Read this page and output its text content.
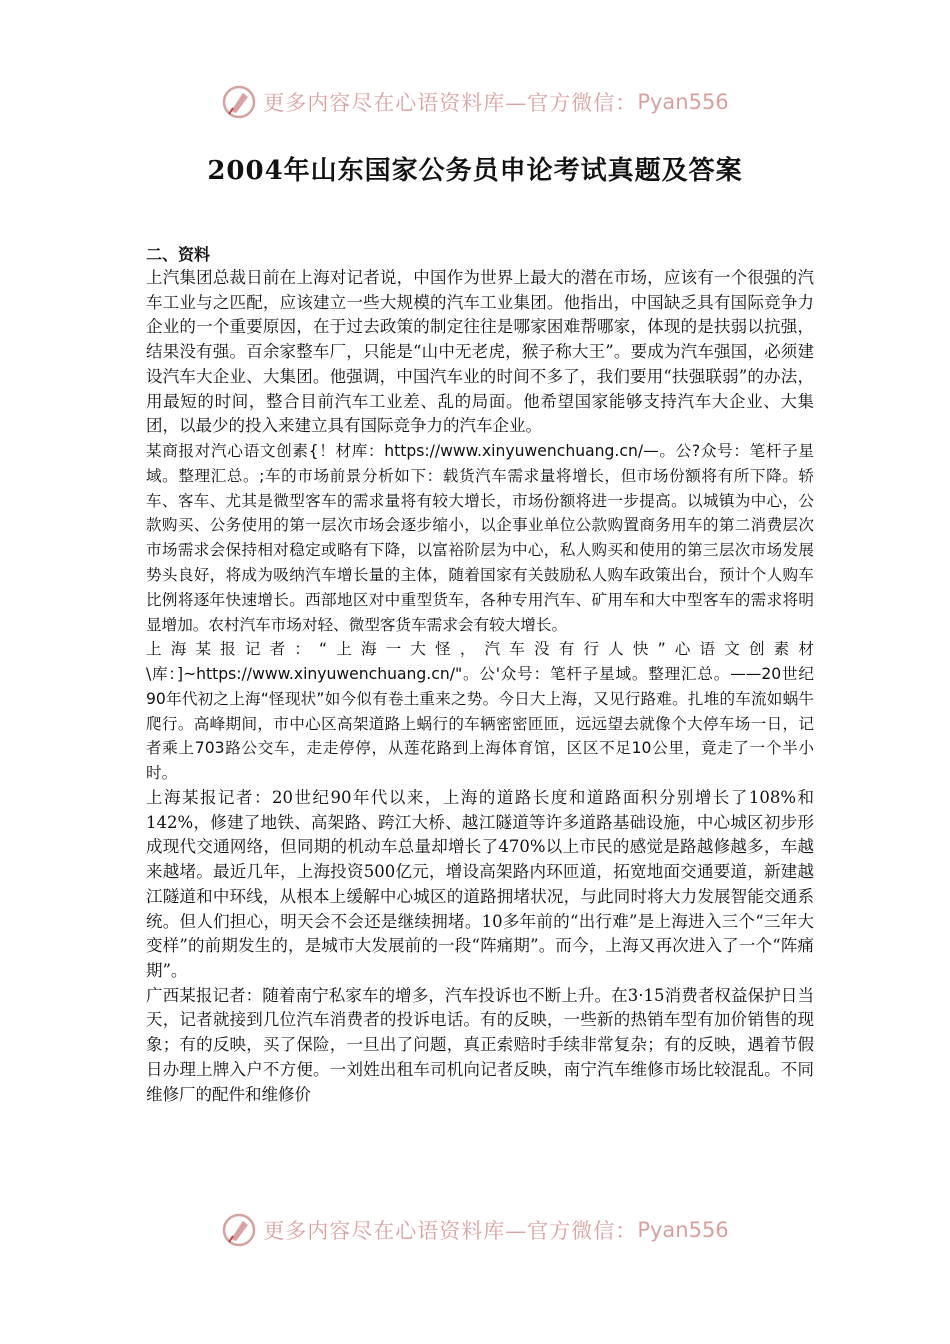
更多内容尽在心语资料库—官方微信： Pyan556
2004年山东国家公务员申论考试真题及答案
二、资料

上汽集团总裁日前在上海对记者说，中国作为世界上最大的潜在市场，应该有一个很强的汽车工业与之匹配，应该建立一些大规模的汽车工业集团。他指出，中国缺乏具有国际竞争力企业的一个重要原因，在于过去政策的制定往往是哪家困难帮哪家，体现的是扶弱以抗强，结果没有强。百余家整车厂，只能是“山中无老虎，猴子称大王”。要成为汽车强国，必须建设汽车大企业、大集团。他强调，中国汽车业的时间不多了，我们要用“扶强联弱”的办法，用最短的时间，整合目前汽车工业差、乱的局面。他希望国家能够支持汽车大企业、大集团，以最少的投入来建立具有国际竞争力的汽车企业。

某商报对汽心语文创素{！材库：https://www.xinyuwenchuang.cn/—。公?众号：笔杆子星域。整理汇总。;车的市场前景分析如下：载货汽车需求量将增长，但市场份额将有所下降。轿车、客车、尤其是微型客车的需求量将有较大增长，市场份额将进一步提高。以城镇为中心，公款购买、公务使用的第一层次市场会逐步缩小，以企事业单位公款购置商务用车的第二消费层次市场需求会保持相对稳定或略有下降，以富裕阶层为中心，私人购买和使用的第三层次市场发展势头良好，将成为吸纳汽车增长量的主体，随着国家有关鼓励私人购车政策出台，预计个人购车比例将逐年快速增长。西部地区对中重型货车，各种专用汽车、矿用车和大中型客车的需求将明显增加。农村汽车市场对轻、微型客货车需求会有较大增长。

上海某报记者：“上海一大怪，汽车没有行人快”心语文创素材\库：]~https://www.xinyuwenchuang.cn/"。公'众号：笔杆子星域。整理汇总。——20世纪90年代初之上海“怪现状”如今似有卷土重来之势。今日大上海，又见行路难。扎堆的车流如蜗牛爬行。高峰期间，市中心区高架道路上蜗行的车辆密密匝匝，远远望去就像个大停车场一日，记者乘上703路公交车，走走停停，从莲花路到上海体育馆，区区不足10公里，竟走了一个半小时。

上海某报记者：20世纪90年代以来，上海的道路长度和道路面积分别增长了108%和142%，修建了地铁、高架路、跨江大桥、越江隧道等许多道路基础设施，中心城区初步形成现代交通网络，但同期的机动车总量却增长了470%以上市民的感觉是路越修越多，车越来越堵。最近几年，上海投资500亿元，增设高架路内环匝道，拓宽地面交通要道，新建越江隧道和中环线，从根本上缓解中心城区的道路拥堵状况，与此同时将大力发展智能交通系统。但人们担心，明天会不会还是继续拥堵。10多年前的“出行难”是上海进入三个“三年大变样”的前期发生的，是城市大发展前的一段“阵痛期”。而今，上海又再次进入了一个“阵痛期”。

广西某报记者：随着南宁私家车的增多，汽车投诉也不断上升。在3·15消费者权益保护日当天，记者就接到几位汽车消费者的投诉电话。有的反映，一些新的热销车型有加价销售的现象；有的反映，买了保险，一旦出了问题，真正索赔时手续非常复杂；有的反映，遇着节假日办理上牌入户不方便。一刘姓出租车司机向记者反映，南宁汽车维修市场比较混乱。不同维修厂的配件和维修价

更多内容尽在心语资料库—官方微信： Pyan556
